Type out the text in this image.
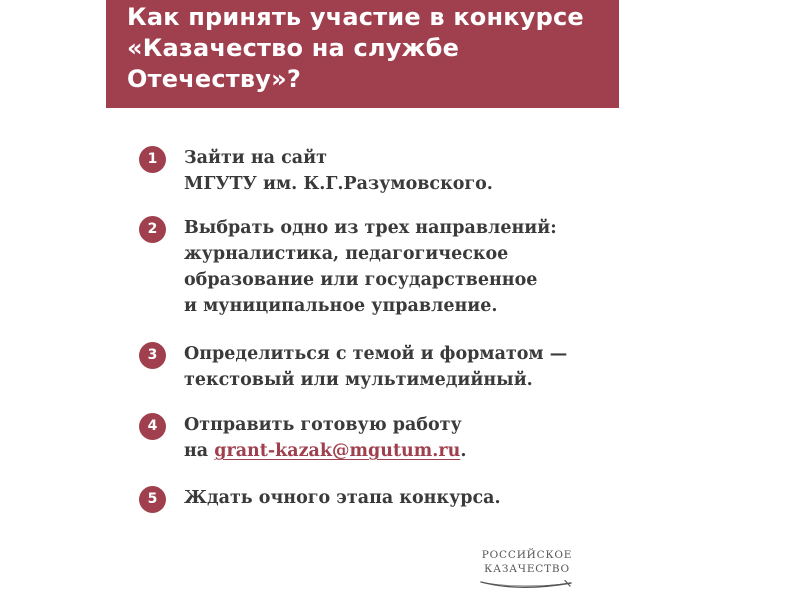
Как принять участие в конкурсе
«Казачество на службе
Отечеству»?
1	Зайти на сайт
МГУТУ им. К.Г.Разумовского.
2	Выбрать одно из трех направлений:
журналистика, педагогическое
образование или государственное
и муниципальное управление.
3	Определиться с темой и форматом —
текстовый или мультимедийный.
4	Отправить готовую работу
на grant-kazak@mgutum.ru.
5	Ждать очного этапа конкурса.
РОССИЙСКОЕ КАЗАЧЕСТВО
